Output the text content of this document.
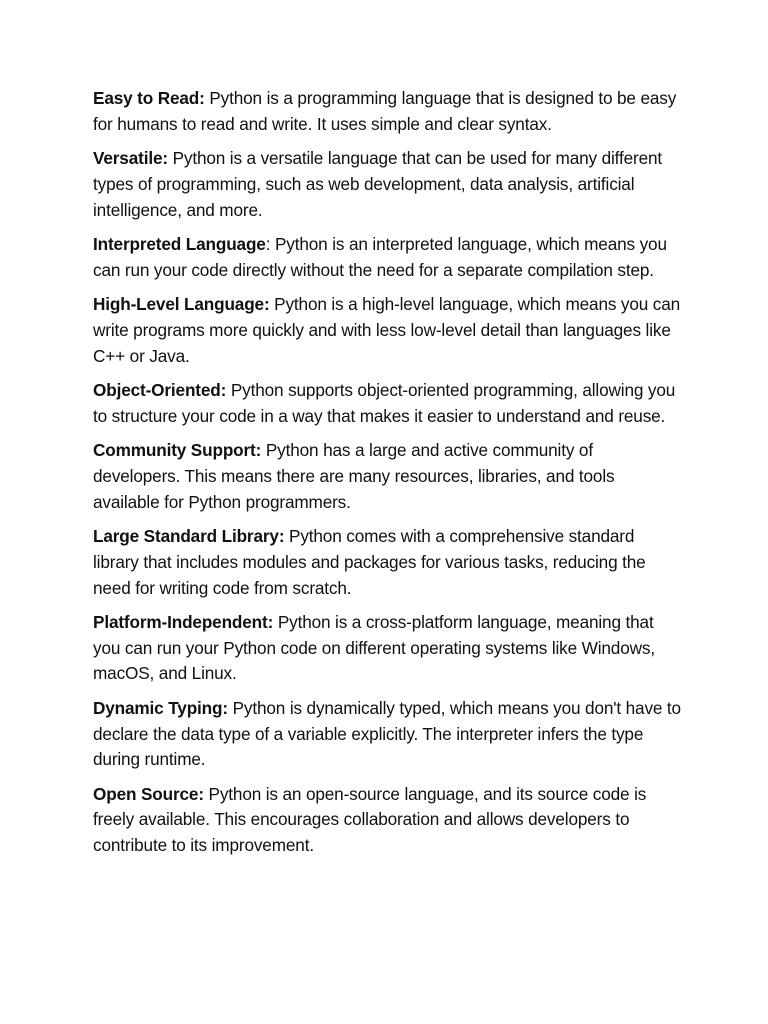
Easy to Read: Python is a programming language that is designed to be easy for humans to read and write. It uses simple and clear syntax.

Versatile: Python is a versatile language that can be used for many different types of programming, such as web development, data analysis, artificial intelligence, and more.

Interpreted Language: Python is an interpreted language, which means you can run your code directly without the need for a separate compilation step.

High-Level Language: Python is a high-level language, which means you can write programs more quickly and with less low-level detail than languages like C++ or Java.

Object-Oriented: Python supports object-oriented programming, allowing you to structure your code in a way that makes it easier to understand and reuse.

Community Support: Python has a large and active community of developers. This means there are many resources, libraries, and tools available for Python programmers.

Large Standard Library: Python comes with a comprehensive standard library that includes modules and packages for various tasks, reducing the need for writing code from scratch.

Platform-Independent: Python is a cross-platform language, meaning that you can run your Python code on different operating systems like Windows, macOS, and Linux.

Dynamic Typing: Python is dynamically typed, which means you don't have to declare the data type of a variable explicitly. The interpreter infers the type during runtime.

Open Source: Python is an open-source language, and its source code is freely available. This encourages collaboration and allows developers to contribute to its improvement.
